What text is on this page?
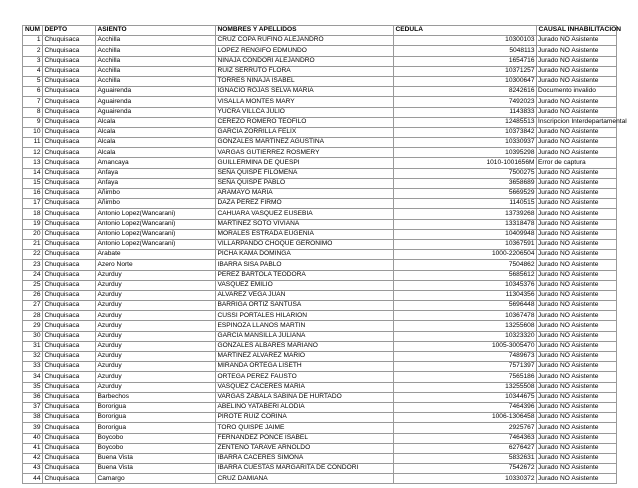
NUM	DEPTO	ASIENTO	NOMBRES Y APELLIDOS	CEDULA	CAUSAL INHABILITACION
1	Chuquisaca	Acchilla	CRUZ COPA RUFINO ALEJANDRO	10300103	Jurado NO Asistente
2	Chuquisaca	Acchilla	LOPEZ RENGIFO EDMUNDO	5048113	Jurado NO Asistente
3	Chuquisaca	Acchilla	NINAJA CONDORI ALEJANDRO	1654716	Jurado NO Asistente
4	Chuquisaca	Acchilla	RUIZ SERRUTO FLORA	10371257	Jurado NO Asistente
5	Chuquisaca	Acchilla	TORRES NINAJA ISABEL	10300647	Jurado NO Asistente
6	Chuquisaca	Aguairenda	IGNACIO ROJAS SELVA MARIA	8242616	Documento invalido
7	Chuquisaca	Aguairenda	VISALLA MONTES MARY	7492023	Jurado NO Asistente
8	Chuquisaca	Aguairenda	YUCRA VILLCA JULIO	1143833	Jurado NO Asistente
9	Chuquisaca	Alcala	CEREZO ROMERO TEOFILO	12485513	Inscripcion Interdepartamental
10	Chuquisaca	Alcala	GARCIA ZORRILLA FELIX	10373842	Jurado NO Asistente
11	Chuquisaca	Alcala	GONZALES MARTINEZ AGUSTINA	10330937	Jurado NO Asistente
12	Chuquisaca	Alcala	VARGAS GUTIERREZ ROSMERY	10395298	Jurado NO Asistente
13	Chuquisaca	Amancaya	GUILLERMINA DE QUESPI	1010-1001656M	Error de captura
14	Chuquisaca	Anfaya	SEÑA QUISPE FILOMENA	7500275	Jurado NO Asistente
15	Chuquisaca	Anfaya	SEÑA QUISPE PABLO	3658689	Jurado NO Asistente
16	Chuquisaca	Añimbo	ARAMAYO MARIA	5669529	Jurado NO Asistente
17	Chuquisaca	Añimbo	DAZA PEREZ FIRMO	1140515	Jurado NO Asistente
18	Chuquisaca	Antonio Lopez(Wancarani)	CAHUARA VASQUEZ EUSEBIA	13739268	Jurado NO Asistente
19	Chuquisaca	Antonio Lopez(Wancarani)	MARTINEZ SOTO VIVIANA	13318478	Jurado NO Asistente
20	Chuquisaca	Antonio Lopez(Wancarani)	MORALES ESTRADA EUGENIA	10409948	Jurado NO Asistente
21	Chuquisaca	Antonio Lopez(Wancarani)	VILLARPANDO CHOQUE GERONIMO	10367591	Jurado NO Asistente
22	Chuquisaca	Arabate	PICHA KAMA DOMINGA	1000-2206504	Jurado NO Asistente
23	Chuquisaca	Azero Norte	IBARRA SISA PABLO	7504862	Jurado NO Asistente
24	Chuquisaca	Azurduy	PEREZ BARTOLA TEODORA	5685612	Jurado NO Asistente
25	Chuquisaca	Azurduy	VASQUEZ EMILIO	10345376	Jurado NO Asistente
26	Chuquisaca	Azurduy	ALVAREZ VEGA JUAN	11304356	Jurado NO Asistente
27	Chuquisaca	Azurduy	BARRIGA ORTIZ SANTUSA	5696448	Jurado NO Asistente
28	Chuquisaca	Azurduy	CUSSI PORTALES HILARION	10367478	Jurado NO Asistente
29	Chuquisaca	Azurduy	ESPINOZA LLANOS MARTIN	13255608	Jurado NO Asistente
30	Chuquisaca	Azurduy	GARCIA MANSILLA JULIANA	10323320	Jurado NO Asistente
31	Chuquisaca	Azurduy	GONZALES ALBARES MARIANO	1005-3005470	Jurado NO Asistente
32	Chuquisaca	Azurduy	MARTINEZ ALVAREZ MARIO	7489673	Jurado NO Asistente
33	Chuquisaca	Azurduy	MIRANDA ORTEGA LISETH	7571397	Jurado NO Asistente
34	Chuquisaca	Azurduy	ORTEGA PEREZ FAUSTO	7565186	Jurado NO Asistente
35	Chuquisaca	Azurduy	VASQUEZ CACERES MARIA	13255508	Jurado NO Asistente
36	Chuquisaca	Barbechos	VARGAS ZABALA SABINA DE HURTADO	10344675	Jurado NO Asistente
37	Chuquisaca	Bororigua	ABELINO YATABERI ALODIA	7464396	Jurado NO Asistente
38	Chuquisaca	Bororigua	PIROTE RUIZ CORINA	1006-1306458	Jurado NO Asistente
39	Chuquisaca	Bororigua	TORO QUISPE JAIME	2925767	Jurado NO Asistente
40	Chuquisaca	Boycobo	FERNANDEZ PONCE ISABEL	7464363	Jurado NO Asistente
41	Chuquisaca	Boycobo	ZENTENO TARAVE ARNOLDO	6276427	Jurado NO Asistente
42	Chuquisaca	Buena Vista	IBARRA CACERES SIMONA	5832631	Jurado NO Asistente
43	Chuquisaca	Buena Vista	IBARRA CUESTAS MARGARITA DE CONDORI	7542672	Jurado NO Asistente
44	Chuquisaca	Camargo	CRUZ DAMIANA	10330372	Jurado NO Asistente
